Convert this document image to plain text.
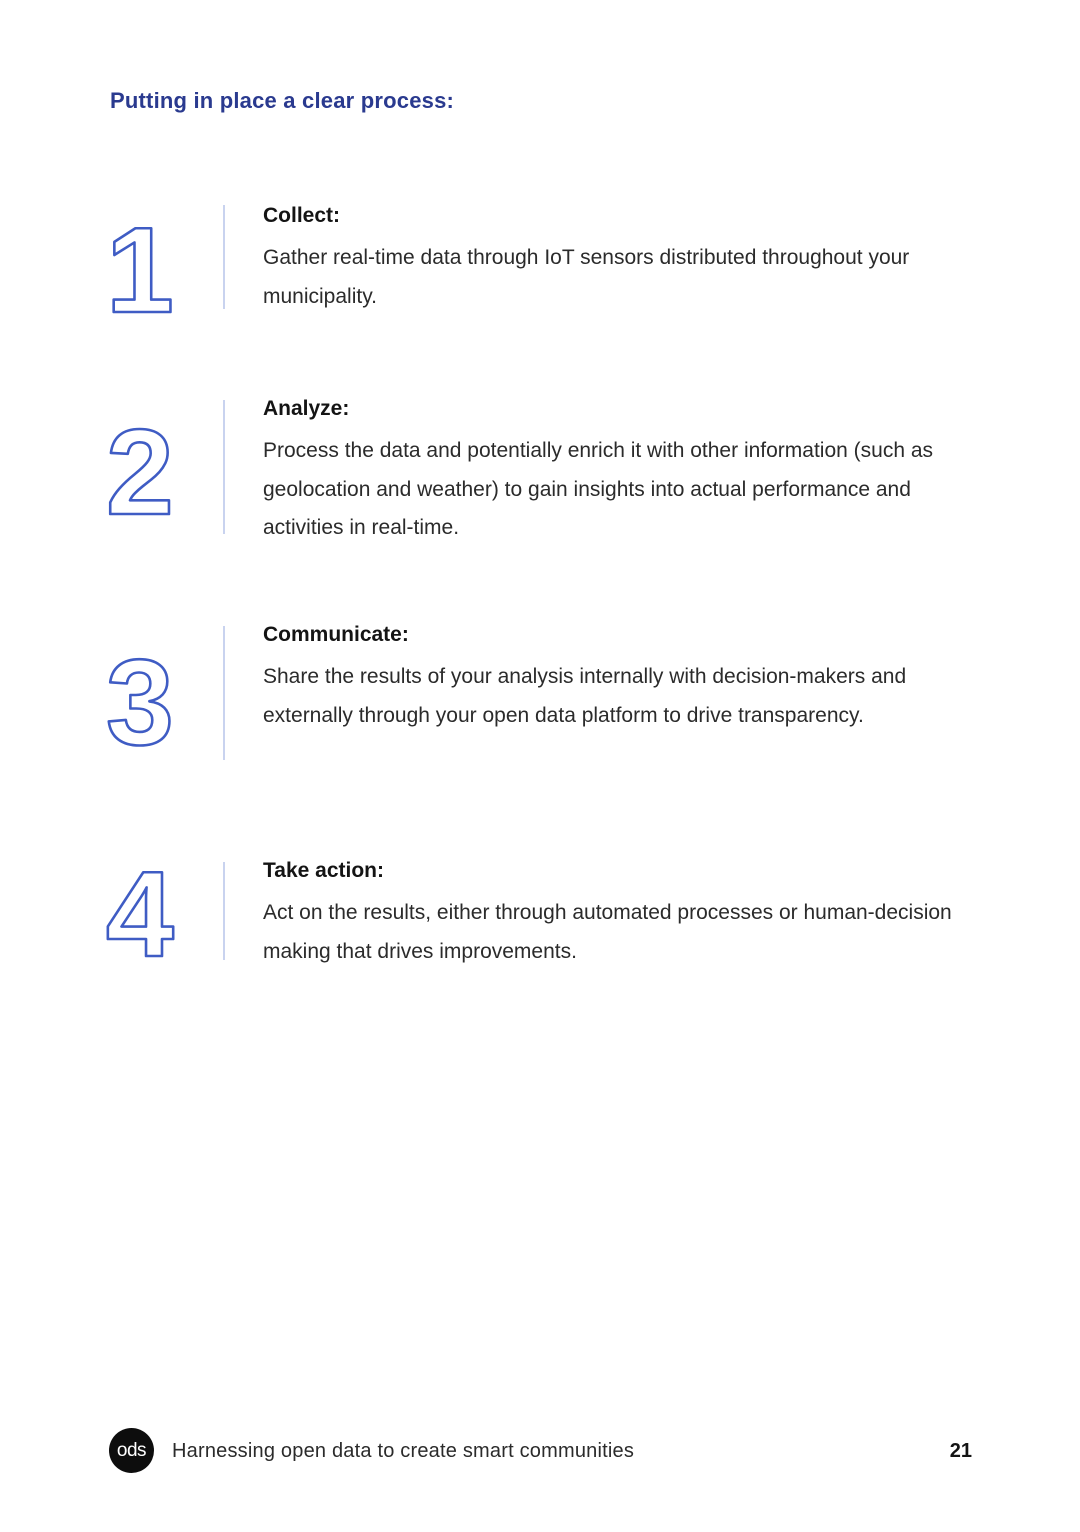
Putting in place a clear process:
1	Collect:

Gather real-time data through IoT sensors distributed throughout your municipality.

2	Analyze:

Process the data and potentially enrich it with other information (such as geolocation and weather) to gain insights into actual performance and activities in real-time.

3	Communicate:

Share the results of your analysis internally with decision-makers and externally through your open data platform to drive transparency.

4	Take action:

Act on the results, either through automated processes or human-decision making that drives improvements.

ods	Harnessing open data to create smart communities	21
